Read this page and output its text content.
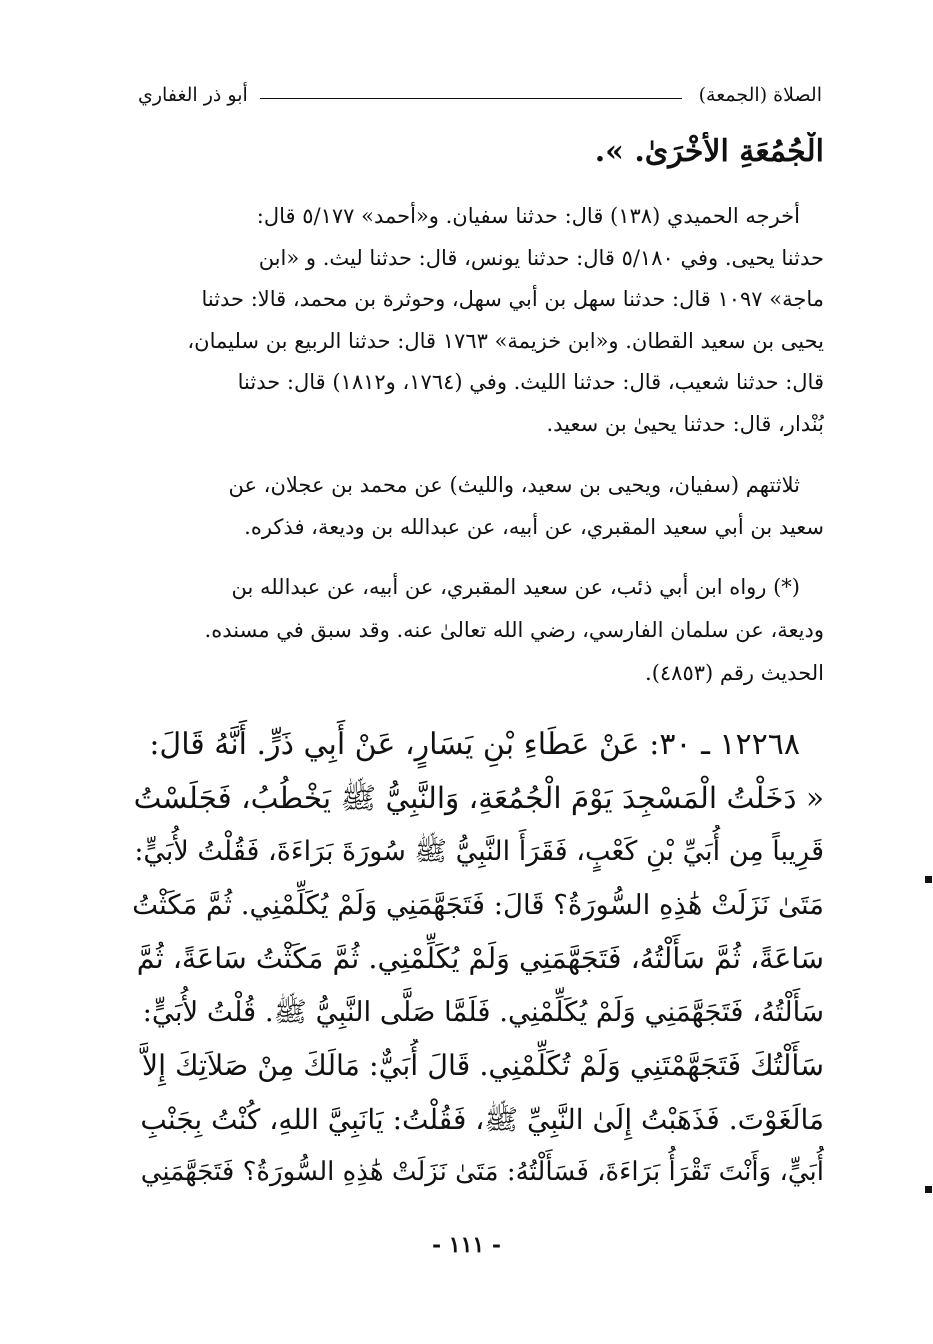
الصلاة (الجمعة)
أبو ذر الغفاري
الْجُمُعَةِ الأُخْرَىٰ. ».
أخرجه الحميدي (١٣٨) قال: حدثنا سفيان. و«أحمد» ٥/١٧٧ قال:
حدثنا يحيى. وفي ٥/١٨٠ قال: حدثنا يونس، قال: حدثنا ليث. و «ابن
ماجة» ١٠٩٧ قال: حدثنا سهل بن أبي سهل، وحوثرة بن محمد، قالا: حدثنا
يحيى بن سعيد القطان. و«ابن خزيمة» ١٧٦٣ قال: حدثنا الربيع بن سليمان،
قال: حدثنا شعيب، قال: حدثنا الليث. وفي (١٧٦٤، و١٨١٢) قال: حدثنا
بُنْدار، قال: حدثنا يحيىٰ بن سعيد.
ثلاثتهم (سفيان، ويحيى بن سعيد، والليث) عن محمد بن عجلان، عن
سعيد بن أبي سعيد المقبري، عن أبيه، عن عبدالله بن وديعة، فذكره.
(*) رواه ابن أبي ذئب، عن سعيد المقبري، عن أبيه، عن عبدالله بن
وديعة، عن سلمان الفارسي، رضي الله تعالىٰ عنه. وقد سبق في مسنده.
الحديث رقم (٤٨٥٣).
١٢٢٦٨ ـ ٣٠: عَنْ عَطَاءِ بْنِ يَسَارٍ، عَنْ أَبِي ذَرٍّ. أَنَّهُ قَالَ:
« دَخَلْتُ الْمَسْجِدَ يَوْمَ الْجُمُعَةِ، وَالنَّبِيُّ ﷺ يَخْطُبُ، فَجَلَسْتُ
قَرِيباً مِن أُبَيِّ بْنِ كَعْبٍ، فَقَرَأَ النَّبِيُّ ﷺ سُورَةَ بَرَاءَةَ، فَقُلْتُ لأُبَيٍّ:
مَتَىٰ نَزَلَتْ هَٰذِهِ السُّورَةُ؟ قَالَ: فَتَجَهَّمَنِي وَلَمْ يُكَلِّمْنِي. ثُمَّ مَكَثْتُ
سَاعَةً، ثُمَّ سَأَلْتُهُ، فَتَجَهَّمَنِي وَلَمْ يُكَلِّمْنِي. ثُمَّ مَكَثْتُ سَاعَةً، ثُمَّ
سَأَلْتُهُ، فَتَجَهَّمَنِي وَلَمْ يُكَلِّمْنِي. فَلَمَّا صَلَّى النَّبِيُّ ﷺ. قُلْتُ لأُبَيٍّ:
سَأَلْتُكَ فَتَجَهَّمْتَنِي وَلَمْ تُكَلِّمْنِي. قَالَ أُبَيٌّ: مَالَكَ مِنْ صَلاَتِكَ إِلاَّ
مَالَغَوْتَ. فَذَهَبْتُ إِلَىٰ النَّبِيِّ ﷺ، فَقُلْتُ: يَانَبِيَّ اللهِ، كُنْتُ بِجَنْبِ
أُبَيٍّ، وَأَنْتَ تَقْرَأُ بَرَاءَةَ، فَسَأَلْتُهُ: مَتَىٰ نَزَلَتْ هَٰذِهِ السُّورَةُ؟ فَتَجَهَّمَنِي
- ١١١ -
